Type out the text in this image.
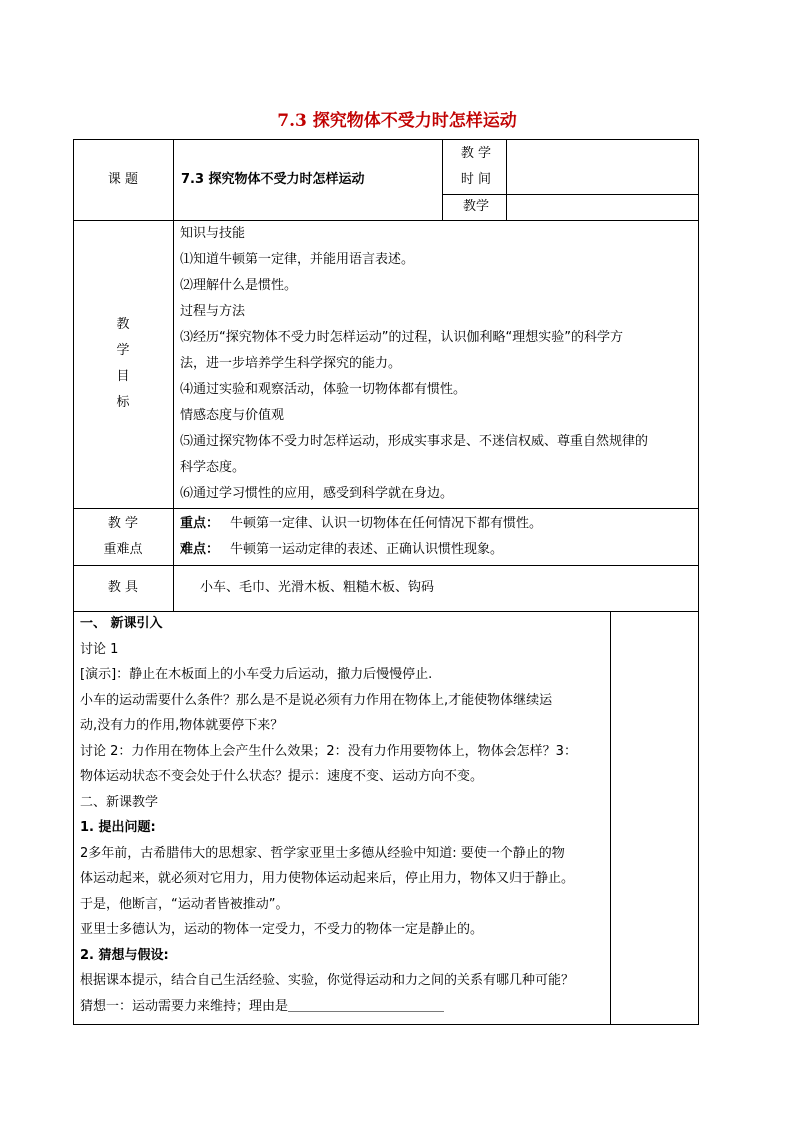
7.3 探究物体不受力时怎样运动
课 题	7.3 探究物体不受力时怎样运动
教 学
时 间
教学
教
学
目
标
知识与技能
⑴知道牛顿第一定律，并能用语言表述。
⑵理解什么是惯性。
过程与方法
⑶经历“探究物体不受力时怎样运动”的过程，认识伽利略“理想实验”的科学方
法，进一步培养学生科学探究的能力。
⑷通过实验和观察活动，体验一切物体都有惯性。
情感态度与价值观
⑸通过探究物体不受力时怎样运动，形成实事求是、不迷信权威、尊重自然规律的
科学态度。
⑹通过学习惯性的应用，感受到科学就在身边。
教 学
重难点
重点： 牛顿第一定律、认识一切物体在任何情况下都有惯性。
难点： 牛顿第一运动定律的表述、正确认识惯性现象。
教 具	小车、毛巾、光滑木板、粗糙木板、钩码
一、 新课引入
讨论 1
[演示]：静止在木板面上的小车受力后运动，撤力后慢慢停止.
小车的运动需要什么条件？那么是不是说必须有力作用在物体上,才能使物体继续运
动,没有力的作用,物体就要停下来？
讨论 2：力作用在物体上会产生什么效果；2：没有力作用要物体上，物体会怎样？3：
物体运动状态不变会处于什么状态？提示：速度不变、运动方向不变。
二、新课教学
1. 提出问题:
2多年前，古希腊伟大的思想家、哲学家亚里士多德从经验中知道: 要使一个静止的物
体运动起来，就必须对它用力，用力使物体运动起来后，停止用力，物体又归于静止。
于是，他断言，“运动者皆被推动”。
亚里士多德认为，运动的物体一定受力，不受力的物体一定是静止的。
2. 猜想与假设:
根据课本提示，结合自己生活经验、实验，你觉得运动和力之间的关系有哪几种可能？
猜想一：运动需要力来维持；理由是＿＿＿＿＿＿＿＿＿＿＿＿
